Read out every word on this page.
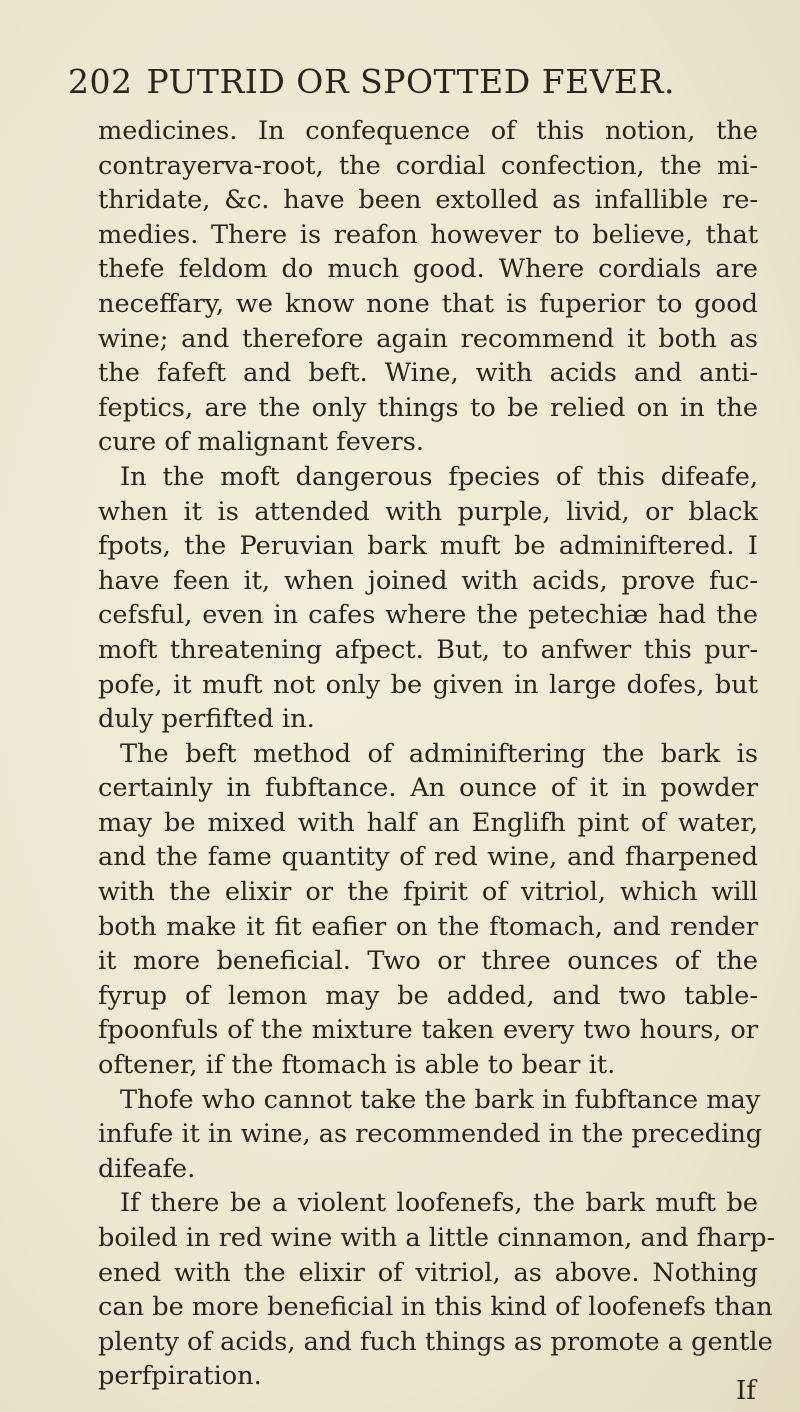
202 PUTRID OR SPOTTED FEVER.
medicines. In confequence of this notion, the
contrayerva-root, the cordial confection, the mi-
thridate, &c. have been extolled as infallible re-
medies. There is reafon however to believe, that
thefe feldom do much good. Where cordials are
neceffary, we know none that is fuperior to good
wine; and therefore again recommend it both as
the fafeft and beft. Wine, with acids and anti-
feptics, are the only things to be relied on in the
cure of malignant fevers.
In the moft dangerous fpecies of this difeafe,
when it is attended with purple, livid, or black
fpots, the Peruvian bark muft be adminiftered. I
have feen it, when joined with acids, prove fuc-
cefsful, even in cafes where the petechiæ had the
moft threatening afpect. But, to anfwer this pur-
pofe, it muft not only be given in large dofes, but
duly perfifted in.
The beft method of adminiftering the bark is
certainly in fubftance. An ounce of it in powder
may be mixed with half an Englifh pint of water,
and the fame quantity of red wine, and fharpened
with the elixir or the fpirit of vitriol, which will
both make it fit eafier on the ftomach, and render
it more beneficial. Two or three ounces of the
fyrup of lemon may be added, and two table-
fpoonfuls of the mixture taken every two hours, or
oftener, if the ftomach is able to bear it.
Thofe who cannot take the bark in fubftance may
infufe it in wine, as recommended in the preceding
difeafe.
If there be a violent loofenefs, the bark muft be
boiled in red wine with a little cinnamon, and fharp-
ened with the elixir of vitriol, as above. Nothing
can be more beneficial in this kind of loofenefs than
plenty of acids, and fuch things as promote a gentle
perfpiration.	If
